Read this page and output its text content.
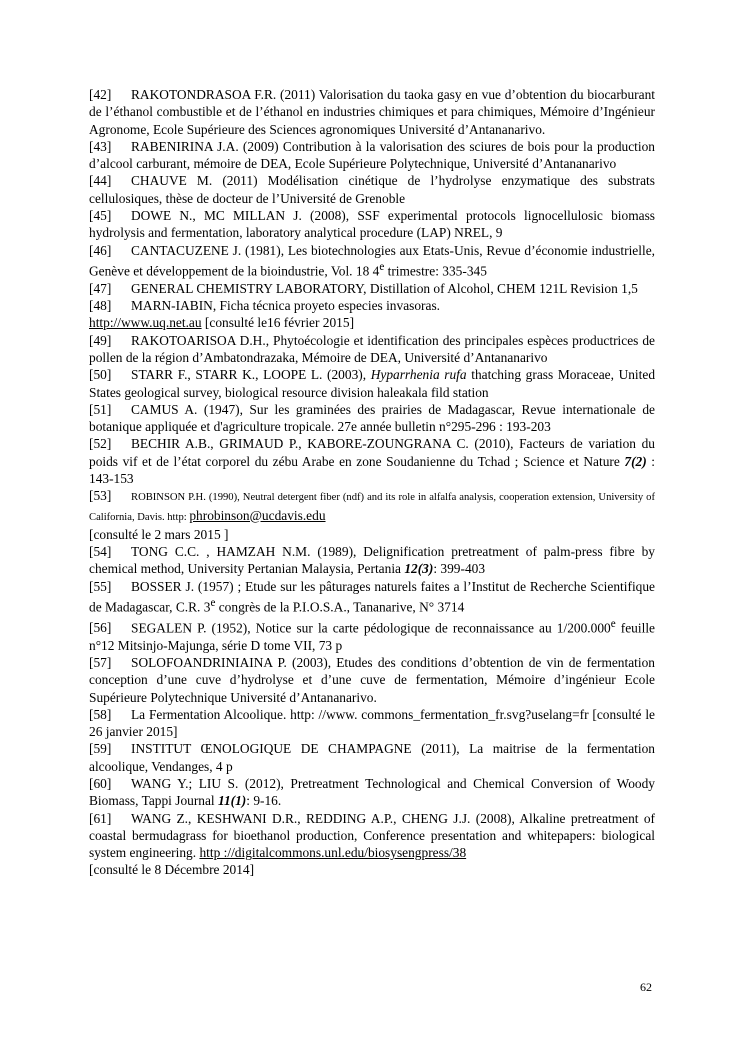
[42] RAKOTONDRASOA F.R. (2011) Valorisation du taoka gasy en vue d’obtention du biocarburant de l’éthanol combustible et de l’éthanol en industries chimiques et para chimiques, Mémoire d’Ingénieur Agronome, Ecole Supérieure des Sciences agronomiques Université d’Antananarivo.

[43] RABENIRINA J.A. (2009) Contribution à la valorisation des sciures de bois pour la production d’alcool carburant, mémoire de DEA, Ecole Supérieure Polytechnique, Université d’Antananarivo

[44] CHAUVE M. (2011) Modélisation cinétique de l’hydrolyse enzymatique des substrats cellulosiques, thèse de docteur de l’Université de Grenoble

[45] DOWE N., MC MILLAN J. (2008), SSF experimental protocols lignocellulosic biomass hydrolysis and fermentation, laboratory analytical procedure (LAP) NREL, 9

[46] CANTACUZENE J. (1981), Les biotechnologies aux Etats-Unis, Revue d’économie industrielle, Genève et développement de la bioindustrie, Vol. 18 4e trimestre: 335-345

[47] GENERAL CHEMISTRY LABORATORY, Distillation of Alcohol, CHEM 121L Revision 1,5

[48] MARN-IABIN, Ficha técnica proyeto especies invasoras.
http://www.uq.net.au [consulté le16 février 2015]

[49] RAKOTOARISOA D.H., Phytoécologie et identification des principales espèces productrices de pollen de la région d’Ambatondrazaka, Mémoire de DEA, Université d’Antananarivo

[50] STARR F., STARR K., LOOPE L. (2003), Hyparrhenia rufa thatching grass Moraceae, United States geological survey, biological resource division haleakala fild station

[51] CAMUS A. (1947), Sur les graminées des prairies de Madagascar, Revue internationale de botanique appliquée et d'agriculture tropicale. 27e année bulletin n°295-296 : 193-203

[52] BECHIR A.B., GRIMAUD P., KABORE-ZOUNGRANA C. (2010), Facteurs de variation du poids vif et de l’état corporel du zébu Arabe en zone Soudanienne du Tchad ; Science et Nature 7(2) : 143-153

[53] ROBINSON P.H. (1990), Neutral detergent fiber (ndf) and its role in alfalfa analysis, cooperation extension, University of California, Davis. http: phrobinson@ucdavis.edu
[consulté le 2 mars 2015 ]

[54] TONG C.C. , HAMZAH N.M. (1989), Delignification pretreatment of palm-press fibre by chemical method, University Pertanian Malaysia, Pertania 12(3): 399-403

[55] BOSSER J. (1957) ; Etude sur les pâturages naturels faites a l’Institut de Recherche Scientifique de Madagascar, C.R. 3e congrès de la P.I.O.S.A., Tananarive, N° 3714

[56] SEGALEN P. (1952), Notice sur la carte pédologique de reconnaissance au 1/200.000e feuille n°12 Mitsinjo-Majunga, série D tome VII, 73 p

[57] SOLOFOANDRINIAINA P. (2003), Etudes des conditions d’obtention de vin de fermentation conception d’une cuve d’hydrolyse et d’une cuve de fermentation, Mémoire d’ingénieur Ecole Supérieure Polytechnique Université d’Antananarivo.

[58] La Fermentation Alcoolique. http: //www. commons_fermentation_fr.svg?uselang=fr [consulté le 26 janvier 2015]

[59] INSTITUT ŒNOLOGIQUE DE CHAMPAGNE (2011), La maitrise de la fermentation alcoolique, Vendanges, 4 p

[60] WANG Y.; LIU S. (2012), Pretreatment Technological and Chemical Conversion of Woody Biomass, Tappi Journal 11(1): 9-16.

[61] WANG Z., KESHWANI D.R., REDDING A.P., CHENG J.J. (2008), Alkaline pretreatment of coastal bermudagrass for bioethanol production, Conference presentation and whitepapers: biological system engineering. http ://digitalcommons.unl.edu/biosysengpress/38
[consulté le 8 Décembre 2014]

62
